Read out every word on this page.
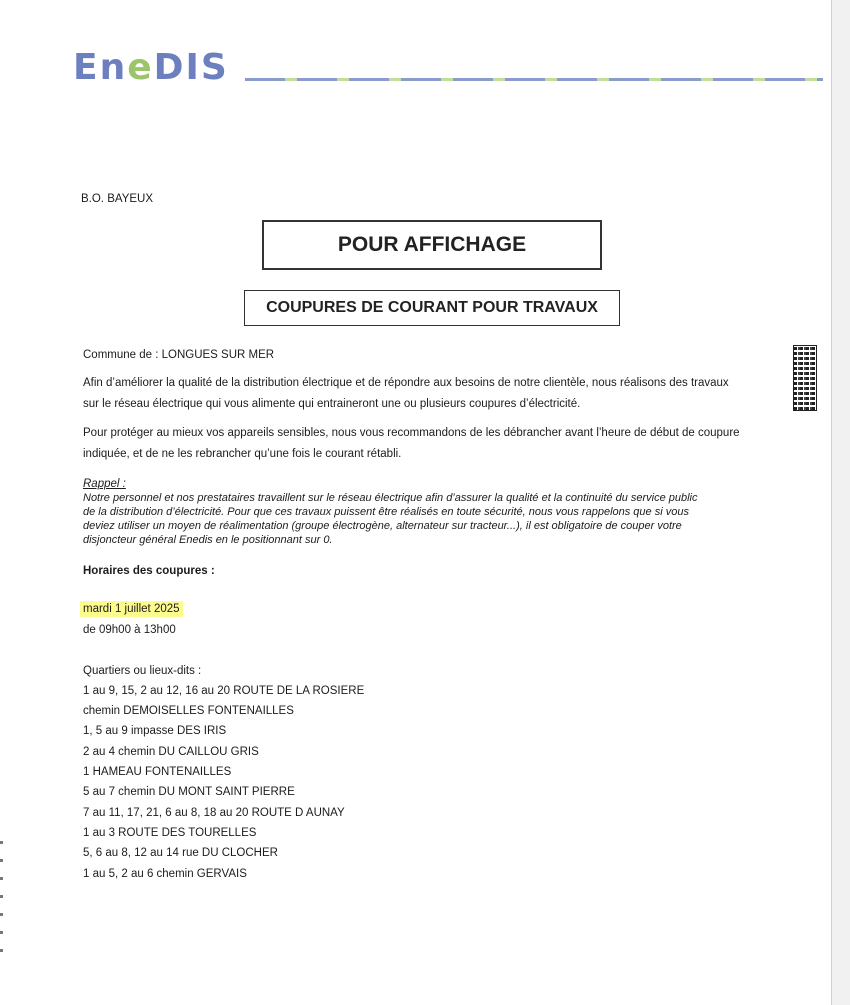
EneDIS
B.O. BAYEUX
POUR AFFICHAGE
COUPURES DE COURANT POUR TRAVAUX
Commune de : LONGUES SUR MER
Afin d’améliorer la qualité de la distribution électrique et de répondre aux besoins de notre clientèle, nous réalisons des travaux
sur le réseau électrique qui vous alimente qui entraineront une ou plusieurs coupures d’électricité.
Pour protéger au mieux vos appareils sensibles, nous vous recommandons de les débrancher avant l’heure de début de coupure
indiquée, et de ne les rebrancher qu’une fois le courant rétabli.
Rappel :
Notre personnel et nos prestataires travaillent sur le réseau électrique afin d’assurer la qualité et la continuité du service public
de la distribution d’électricité. Pour que ces travaux puissent être réalisés en toute sécurité, nous vous rappelons que si vous
deviez utiliser un moyen de réalimentation (groupe électrogène, alternateur sur tracteur...), il est obligatoire de couper votre
disjoncteur général Enedis en le positionnant sur 0.
Horaires des coupures :
mardi 1 juillet 2025
de 09h00 à 13h00
Quartiers ou lieux-dits :
1 au 9, 15, 2 au 12, 16 au 20 ROUTE DE LA ROSIERE
chemin DEMOISELLES FONTENAILLES
1, 5 au 9 impasse DES IRIS
2 au 4 chemin DU CAILLOU GRIS
1 HAMEAU FONTENAILLES
5 au 7 chemin DU MONT SAINT PIERRE
7 au 11, 17, 21, 6 au 8, 18 au 20 ROUTE D AUNAY
1 au 3 ROUTE DES TOURELLES
5, 6 au 8, 12 au 14 rue DU CLOCHER
1 au 5, 2 au 6 chemin GERVAIS
